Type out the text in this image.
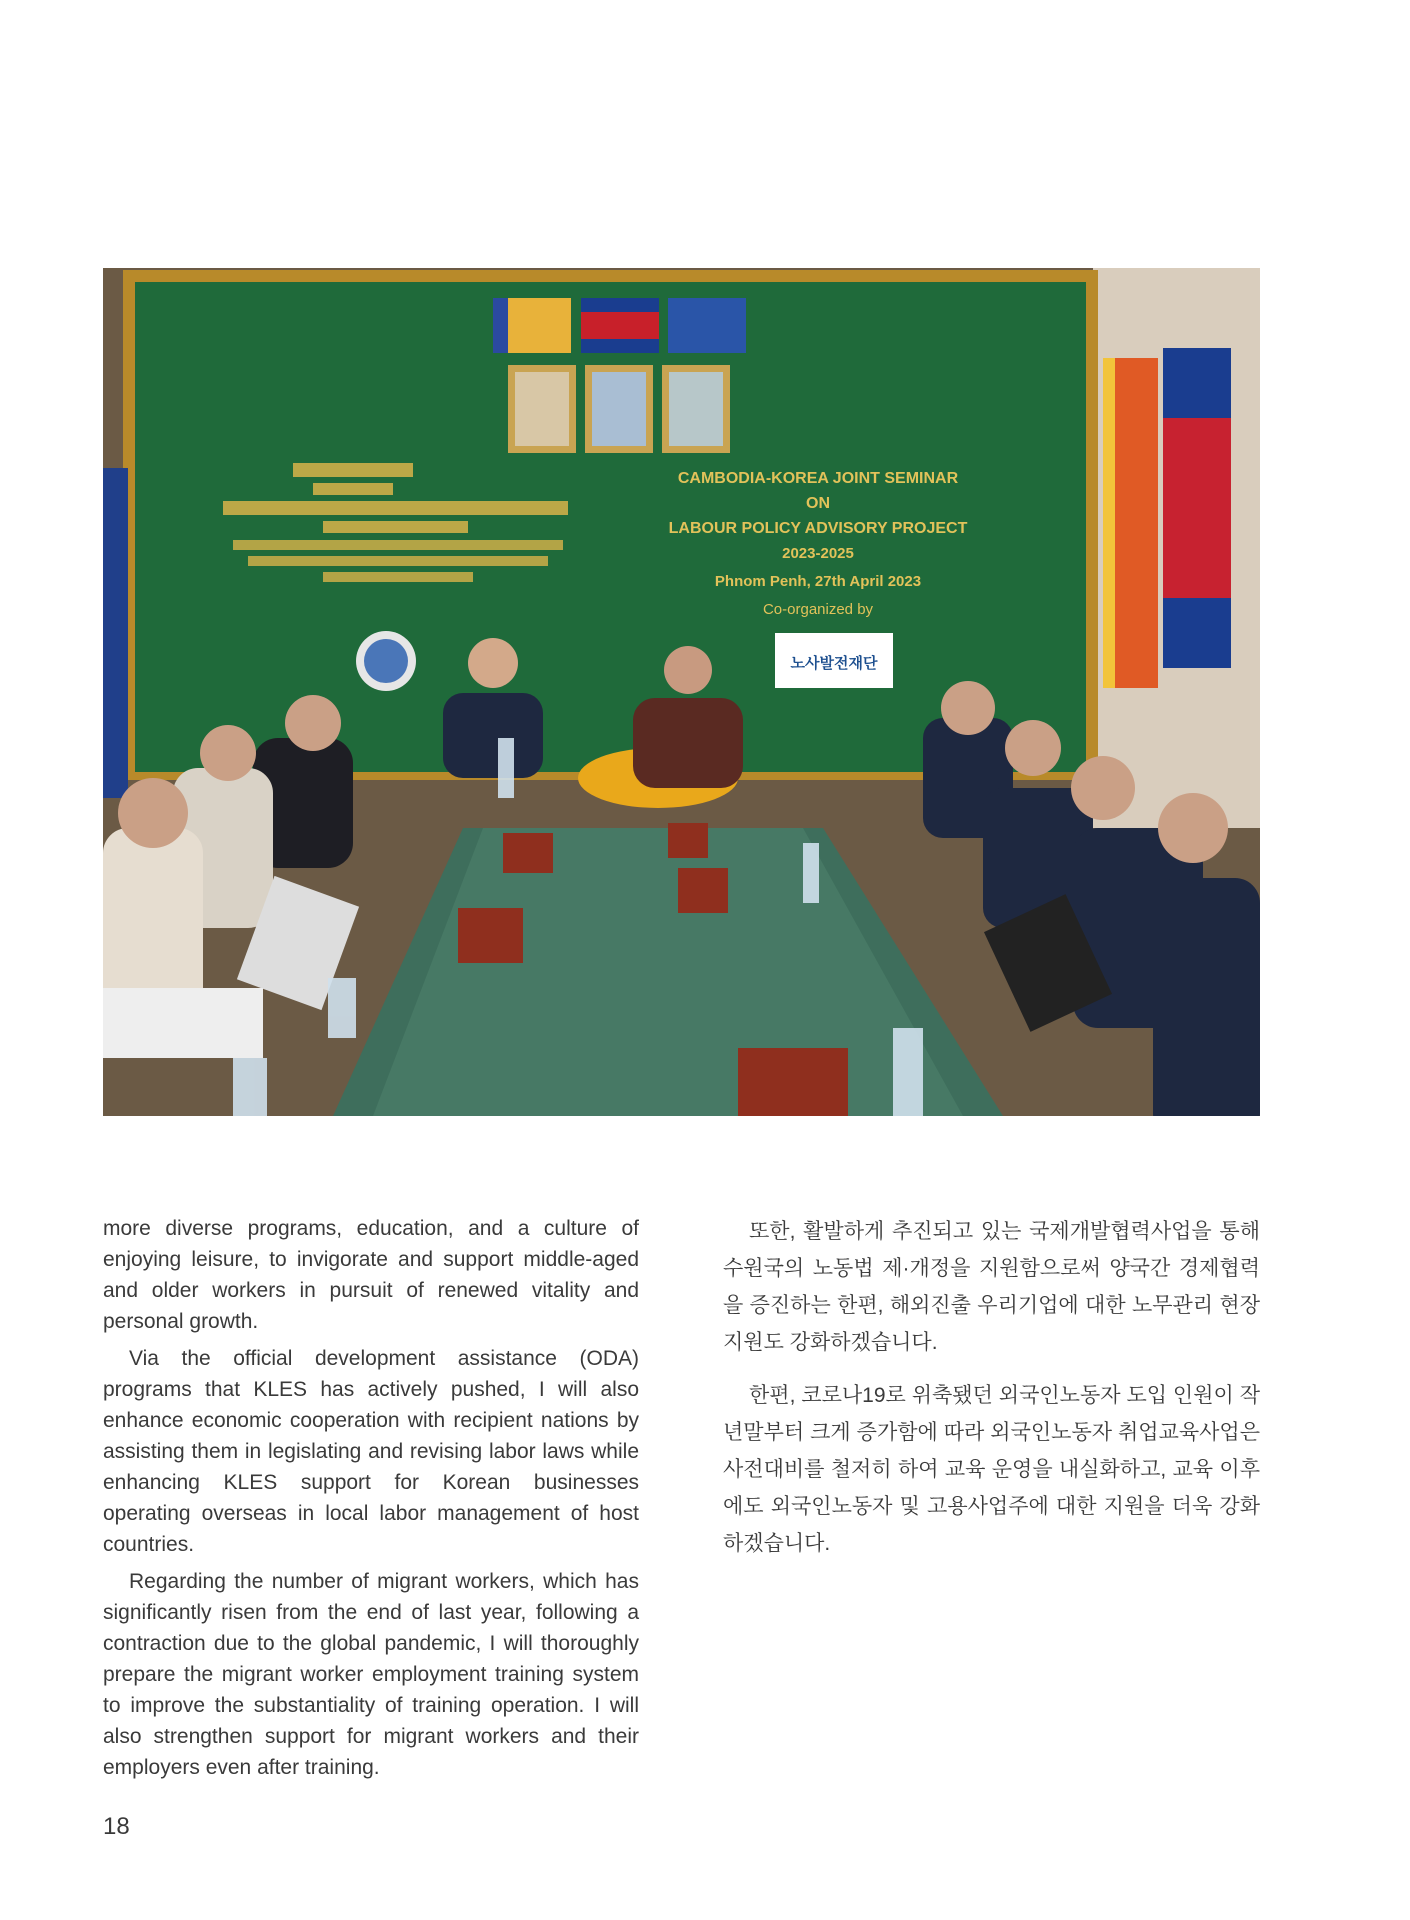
CAMBODIA-KOREA JOINT SEMINAR
ON
LABOUR POLICY ADVISORY PROJECT
2023-2025
Phnom Penh, 27th April 2023
Co-organized by
노사발전재단

more diverse programs, education, and a culture of enjoying leisure, to invigorate and support middle-aged and older workers in pursuit of renewed vitality and personal growth.

Via the official development assistance (ODA) programs that KLES has actively pushed, I will also enhance economic cooperation with recipient nations by assisting them in legislating and revising labor laws while enhancing KLES support for Korean businesses operating overseas in local labor management of host countries.

Regarding the number of migrant workers, which has significantly risen from the end of last year, following a contraction due to the global pandemic, I will thoroughly prepare the migrant worker employment training system to improve the substantiality of training operation. I will also strengthen support for migrant workers and their employers even after training.

또한, 활발하게 추진되고 있는 국제개발협력사업을 통해 수원국의 노동법 제·개정을 지원함으로써 양국간 경제협력을 증진하는 한편, 해외진출 우리기업에 대한 노무관리 현장 지원도 강화하겠습니다.

한편, 코로나19로 위축됐던 외국인노동자 도입 인원이 작년말부터 크게 증가함에 따라 외국인노동자 취업교육사업은 사전대비를 철저히 하여 교육 운영을 내실화하고, 교육 이후에도 외국인노동자 및 고용사업주에 대한 지원을 더욱 강화하겠습니다.

18
